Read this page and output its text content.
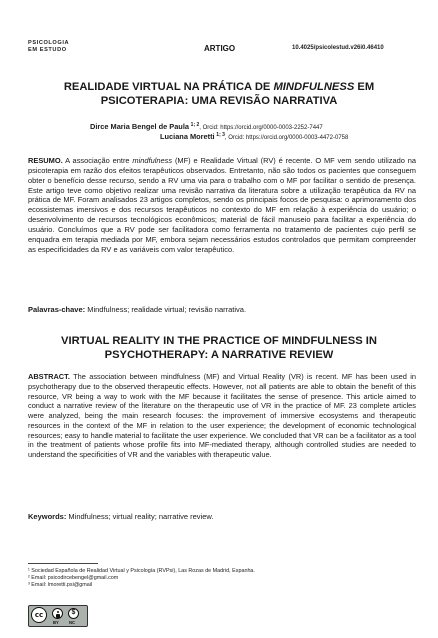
PSICOLOGIA
EM ESTUDO	ARTIGO	10.4025/psicolestud.v26i0.46410
REALIDADE VIRTUAL NA PRÁTICA DE MINDFULNESS EM
PSICOTERAPIA: UMA REVISÃO NARRATIVA
Dirce Maria Bengel de Paula $^{1; 2}$, Orcid: https://orcid.org/0000-0003-2252-7447
Luciana Moretti $^{1; 3}$, Orcid: https://orcid.org/0000-0003-4472-0758
RESUMO. A associação entre mindfulness (MF) e Realidade Virtual (RV) é recente. O MF vem sendo utilizado na psicoterapia em razão dos efeitos terapêuticos observados. Entretanto, não são todos os pacientes que conseguem obter o benefício desse recurso, sendo a RV uma via para o trabalho com o MF por facilitar o sentido de presença. Este artigo teve como objetivo realizar uma revisão narrativa da literatura sobre a utilização terapêutica da RV na prática de MF. Foram analisados 23 artigos completos, sendo os principais focos de pesquisa: o aprimoramento dos ecossistemas imersivos e dos recursos terapêuticos no contexto do MF em relação à experiência do usuário; o desenvolvimento de recursos tecnológicos econômicos; material de fácil manuseio para facilitar a experiência do usuário. Concluímos que a RV pode ser facilitadora como ferramenta no tratamento de pacientes cujo perfil se enquadra em terapia mediada por MF, embora sejam necessários estudos controlados que permitam compreender as especificidades da RV e as variáveis com valor terapêutico.
Palavras-chave: Mindfulness; realidade virtual; revisão narrativa.
VIRTUAL REALITY IN THE PRACTICE OF MINDFULNESS IN
PSYCHOTHERAPY: A NARRATIVE REVIEW
ABSTRACT. The association between mindfulness (MF) and Virtual Reality (VR) is recent. MF has been used in psychotherapy due to the observed therapeutic effects. However, not all patients are able to obtain the benefit of this resource, VR being a way to work with the MF because it facilitates the sense of presence. This article aimed to conduct a narrative review of the literature on the therapeutic use of VR in the practice of MF. 23 complete articles were analyzed, being the main research focuses: the improvement of immersive ecosystems and therapeutic resources in the context of the MF in relation to the user experience; the development of economic technological resources; easy to handle material to facilitate the user experience. We concluded that VR can be a facilitator as a tool in the treatment of patients whose profile fits into MF-mediated therapy, although controlled studies are needed to understand the specificities of VR and the variables with therapeutic value.
Keywords: Mindfulness; virtual reality; narrative review.
¹ Sociedad Española de Realidad Virtual y Psicología (RVPsi), Las Rozas de Madrid, Espanha.
² Email: psicodircebengel@gmail.com
³ Email: lmoretti.psi@gmail
cc
$
BY NC
